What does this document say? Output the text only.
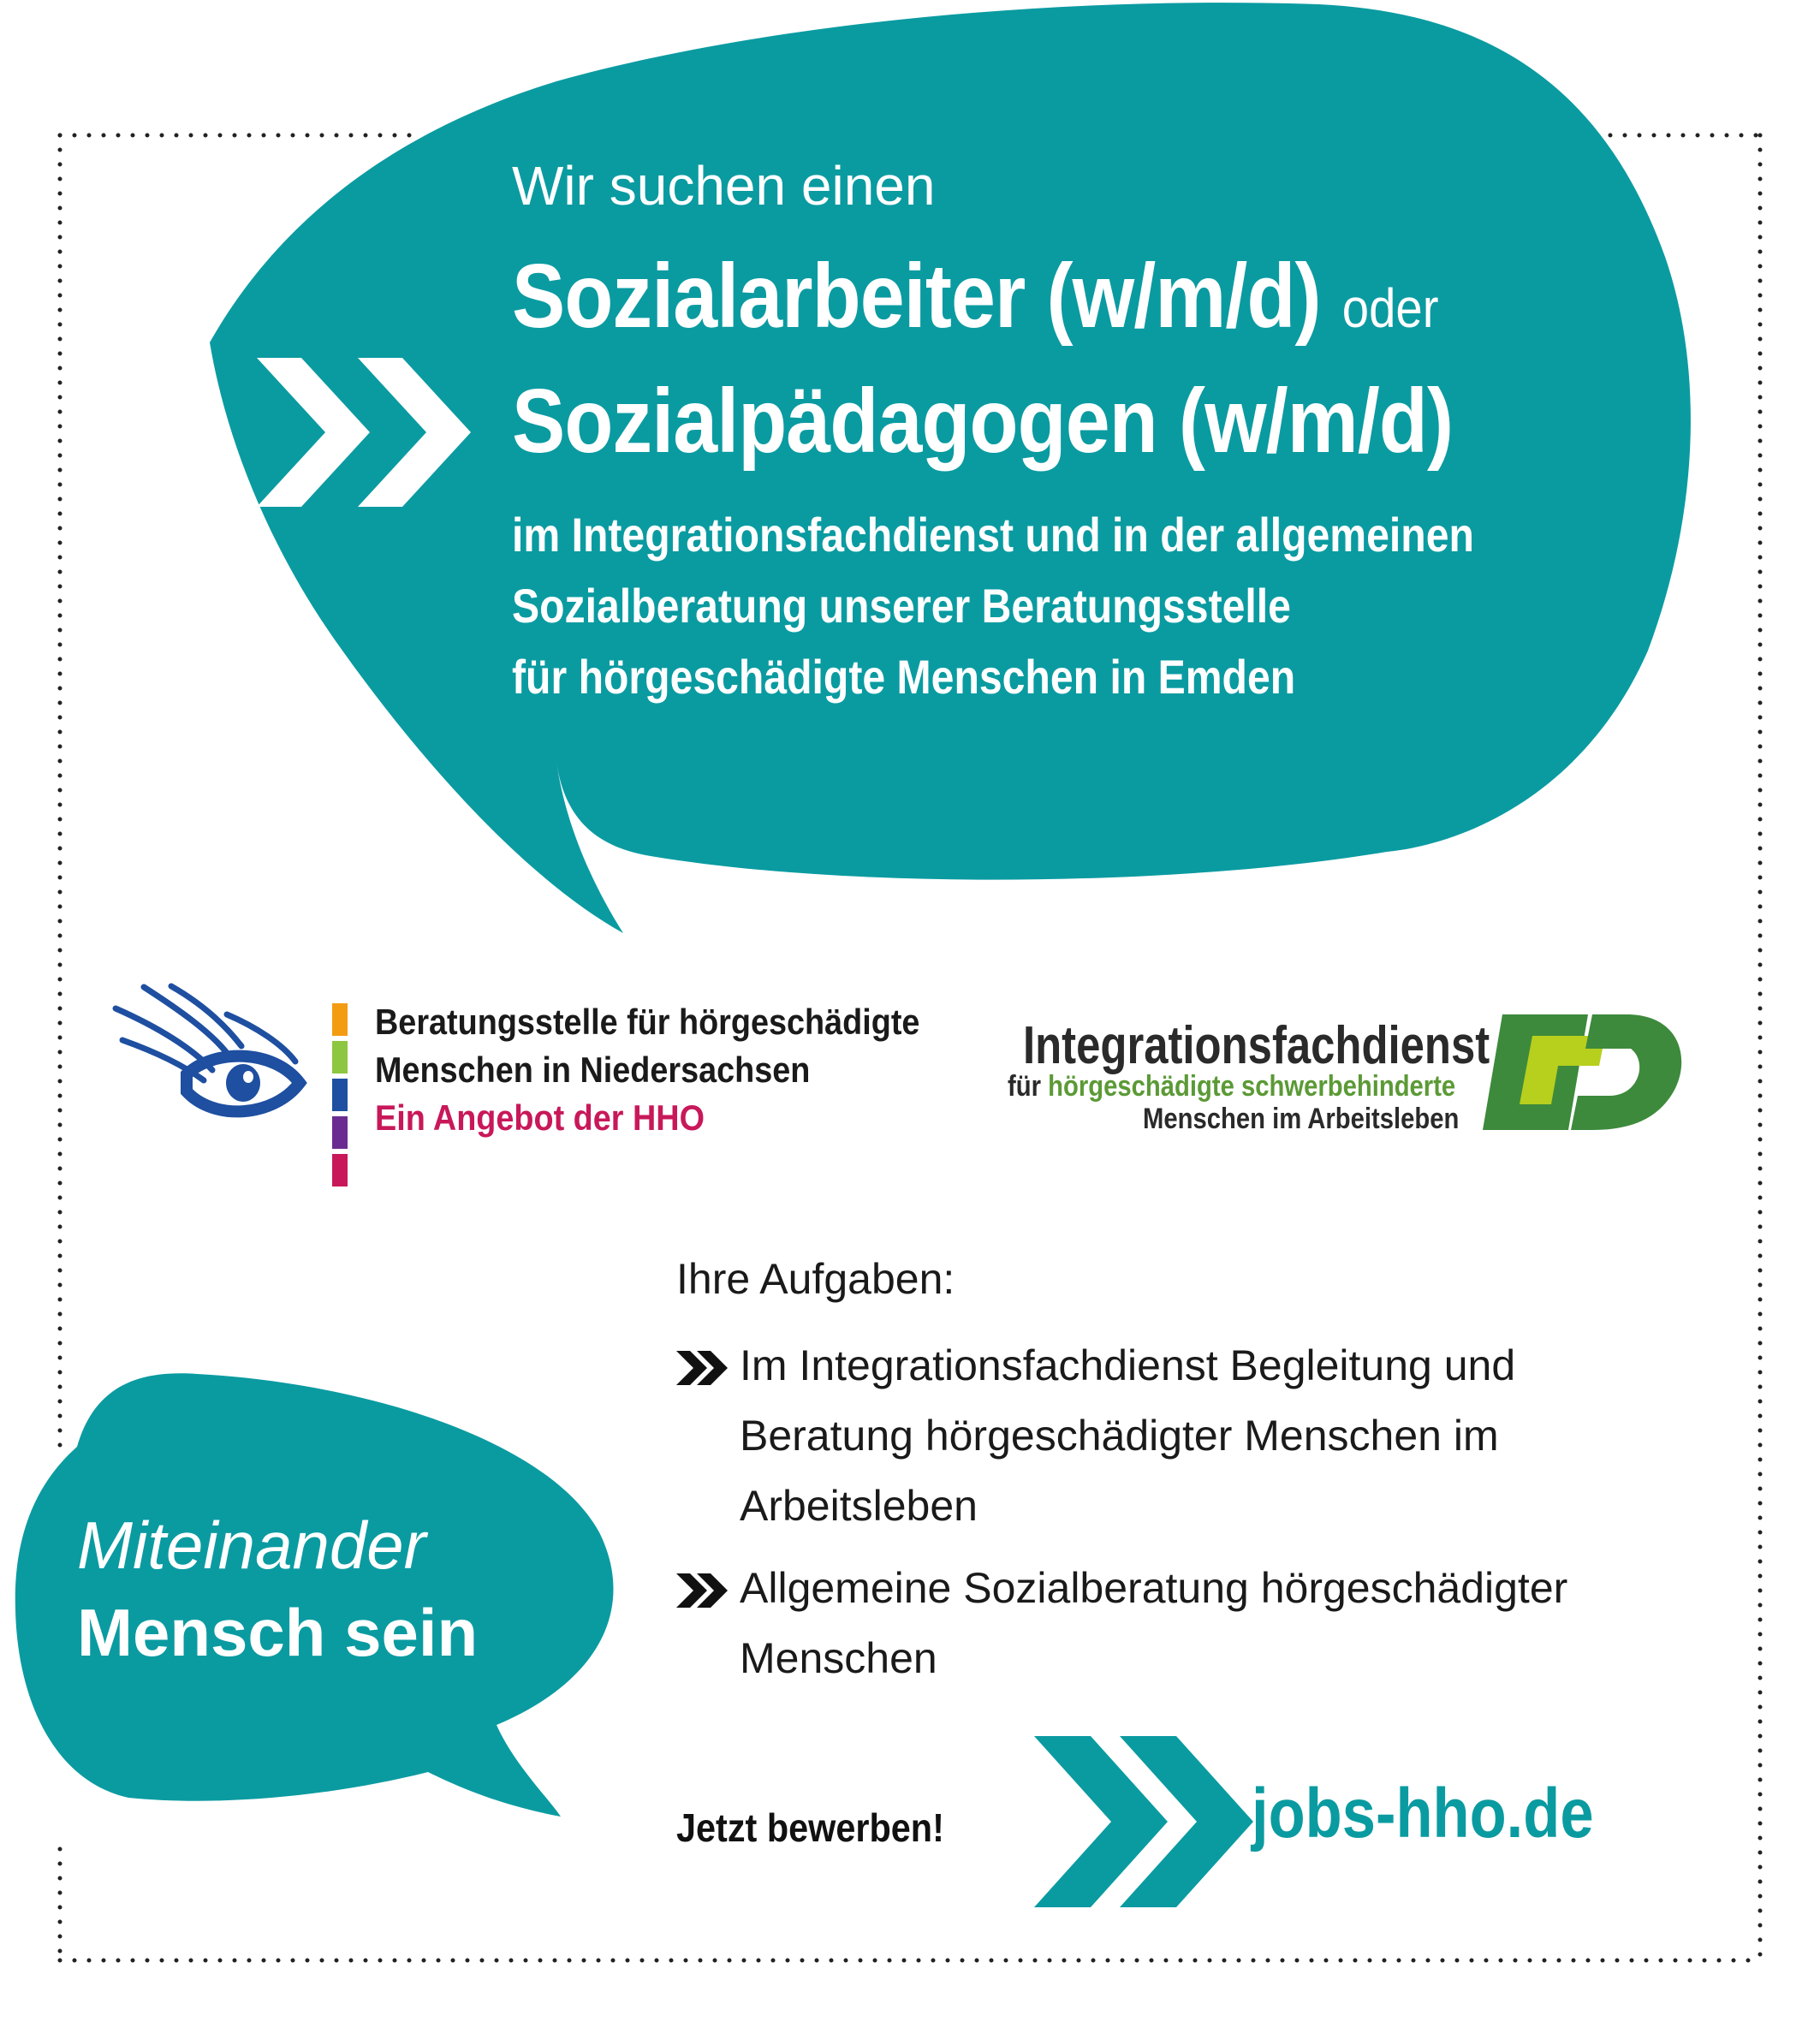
Wir suchen einen
Sozialarbeiter (w/m/d) oder
Sozialpädagogen (w/m/d)
im Integrationsfachdienst und in der allgemeinen
Sozialberatung unserer Beratungsstelle
für hörgeschädigte Menschen in Emden
Beratungsstelle für hörgeschädigte
Menschen in Niedersachsen
Ein Angebot der HHO
Integrationsfachdienst
für hörgeschädigte schwerbehinderte
Menschen im Arbeitsleben
Ihre Aufgaben:
Im Integrationsfachdienst Begleitung und
Beratung hörgeschädigter Menschen im
Arbeitsleben
Allgemeine Sozialberatung hörgeschädigter
Menschen
Miteinander
Mensch sein
Jetzt bewerben!	jobs-hho.de
